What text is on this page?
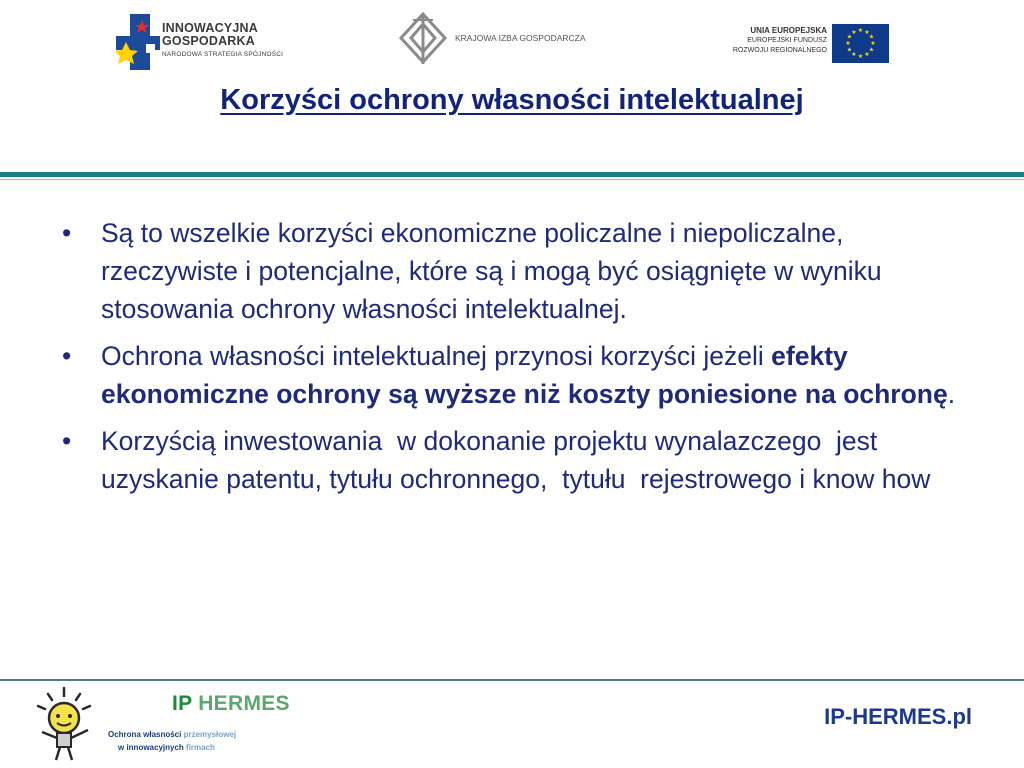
INNOWACYJNA
GOSPODARKA
NARODOWA STRATEGIA SPÓJNOŚCI
KRAJOWA IZBA GOSPODARCZA
UNIA EUROPEJSKA
EUROPEJSKI FUNDUSZ
ROZWOJU REGIONALNEGO
★ ★
★
★
★
★
★
★
★
★
★
★
Korzyści ochrony własności intelektualnej
• Są to wszelkie korzyści ekonomiczne policzalne i niepoliczalne, rzeczywiste i potencjalne, które są i mogą być osiągnięte w wyniku stosowania ochrony własności intelektualnej.
• Ochrona własności intelektualnej przynosi korzyści jeżeli efekty ekonomiczne ochrony są wyższe niż koszty poniesione na ochronę.
• Korzyścią inwestowania  w dokonanie projektu wynalazczego  jest uzyskanie patentu, tytułu ochronnego,  tytułu  rejestrowego i know how
IP HERMES
Ochrona własności przemysłowej
w innowacyjnych firmach
IP-HERMES.pl
